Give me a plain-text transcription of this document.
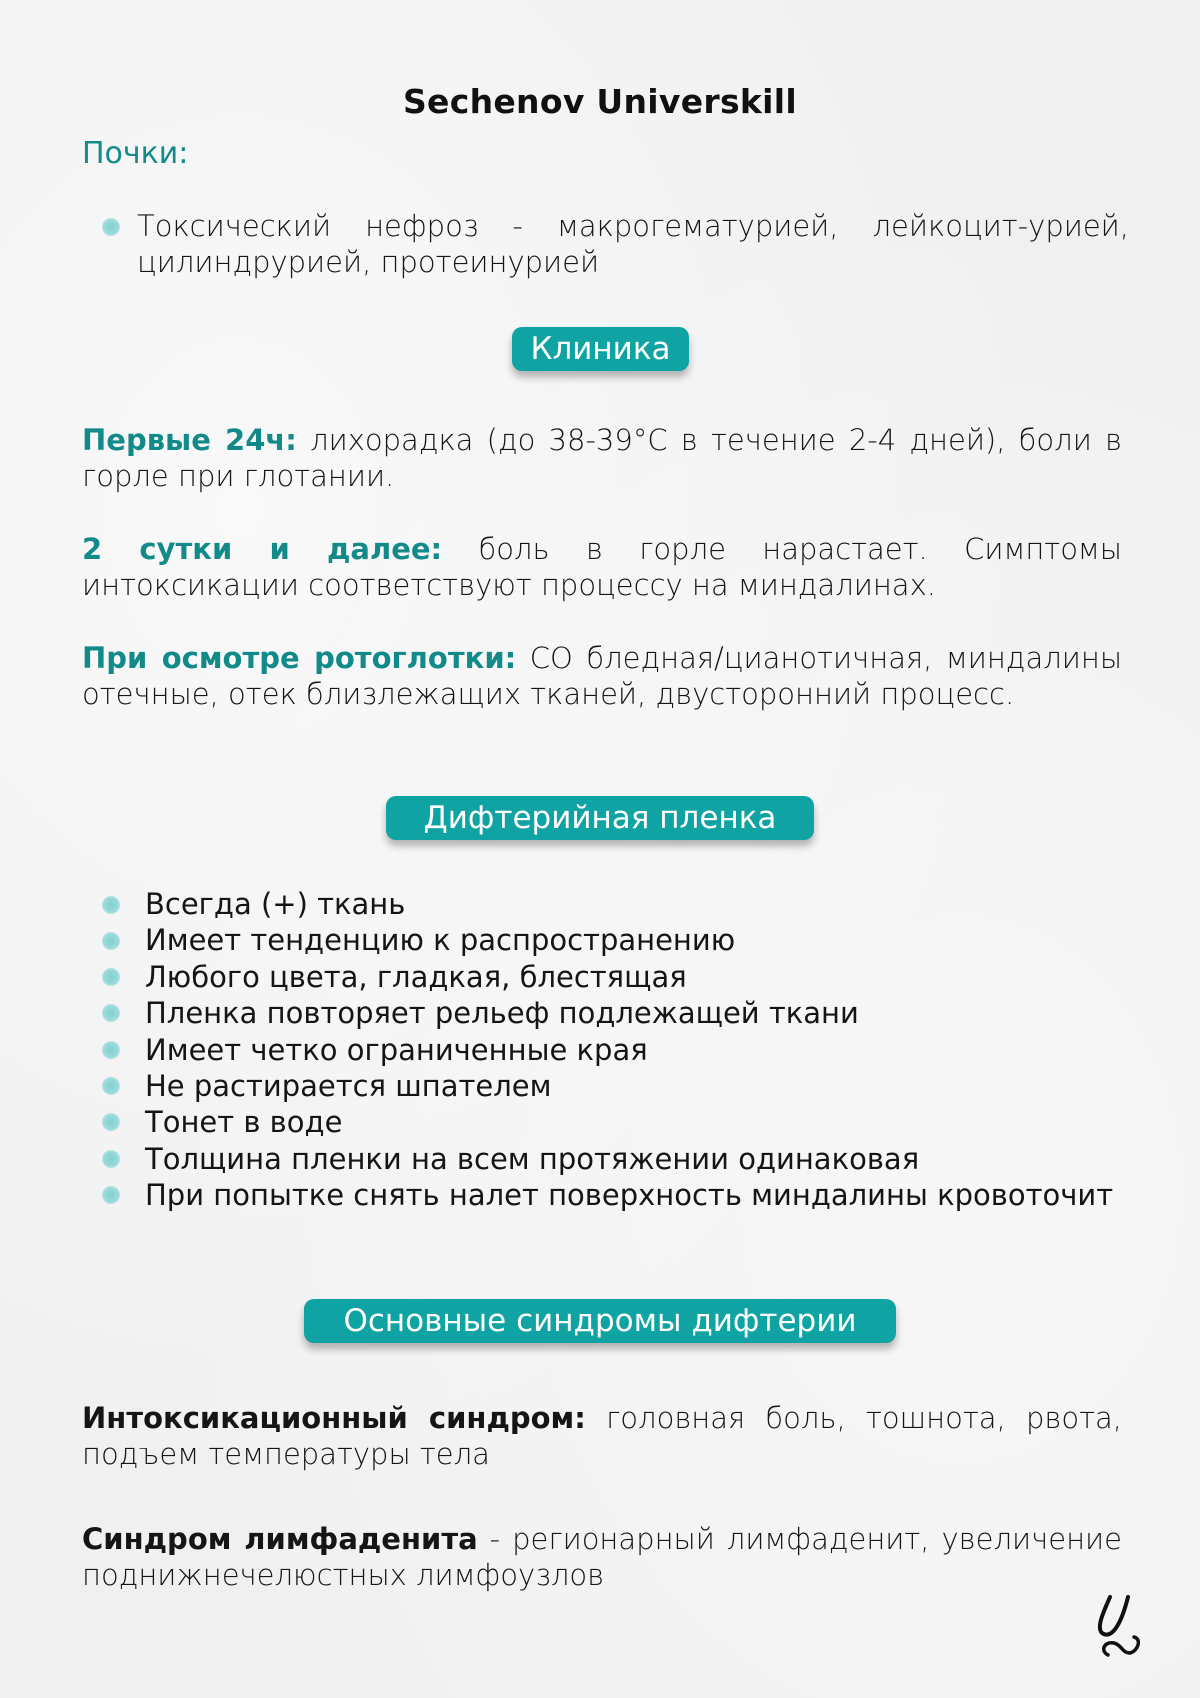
Sechenov Universkill
Почки:
Токсический нефроз - макрогематурией, лейкоцит-урией, цилиндрурией, протеинурией
Клиника
Первые 24ч: лихорадка (до 38-39°С в течение 2-4 дней), боли в горле при глотании.
2 сутки и далее: боль в горле нарастает. Симптомы интоксикации соответствуют процессу на миндалинах.
При осмотре ротоглотки: СО бледная/цианотичная, миндалины отечные, отек близлежащих тканей, двусторонний процесс.
Дифтерийная пленка
Всегда (+) ткань
Имеет тенденцию к распространению
Любого цвета, гладкая, блестящая
Пленка повторяет рельеф подлежащей ткани
Имеет четко ограниченные края
Не растирается шпателем
Тонет в воде
Толщина пленки на всем протяжении одинаковая
При попытке снять налет поверхность миндалины кровоточит
Основные синдромы дифтерии
Интоксикационный синдром: головная боль, тошнота, рвота, подъем температуры тела
Синдром лимфаденита - регионарный лимфаденит, увеличение поднижнечелюстных лимфоузлов
